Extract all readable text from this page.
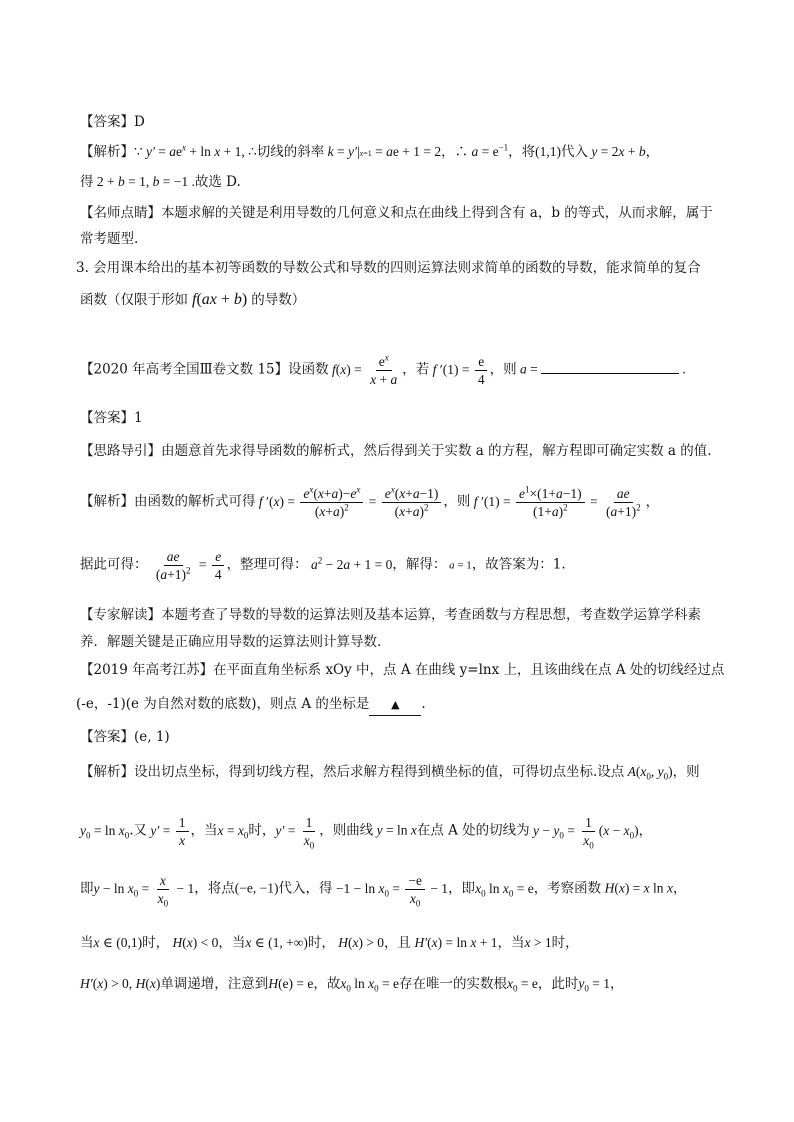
【答案】D
【解析】∵ $y' = ae^x + \ln x + 1$, ∴切线的斜率 k = y′|x=1 = ae + 1 = 2，∴ $a = e^{-1}$，将(1,1)代入 y = 2x + b，
得 2 + b = 1, b = −1 .故选 D.
【名师点睛】本题求解的关键是利用导数的几何意义和点在曲线上得到含有 a，b 的等式，从而求解，属于
常考题型.
3. 会用课本给出的基本初等函数的导数公式和导数的四则运算法则求简单的函数的导数，能求简单的复合
函数（仅限于形如 f(ax + b) 的导数）
【2020 年高考全国Ⅲ卷文数 15】设函数 $f(x) = \frac{e^x}{x + a}$ ，若 f $'(1) = \frac{e}{4}$ ，则 a =	.
【答案】1
【思路导引】由题意首先求得导函数的解析式，然后得到关于实数 a 的方程，解方程即可确定实数 a 的值.
【解析】由函数的解析式可得 f $'(x) = \frac{e^x(x+a)-e^x}{(x+a)^2} = \frac{e^x(x+a-1)}{(x+a)^2}$ ，则 f $'(1) = \frac{e^1\times(1+a-1)}{(1+a)^2} = \frac{ae}{(a+1)^2}$ ，
据此可得： $\frac{ae}{(a+1)^2} = \frac{e}{4}$ ，整理可得： $a^2 - 2a + 1 = 0$，解得： a = 1，故答案为：1.
【专家解读】本题考查了导数的导数的运算法则及基本运算，考查函数与方程思想，考查数学运算学科素
养．解题关键是正确应用导数的运算法则计算导数.
【2019 年高考江苏】在平面直角坐标系 xOy 中，点 A 在曲线 y=lnx 上，且该曲线在点 A 处的切线经过点
(-e，-1)(e 为自然对数的底数)，则点 A 的坐标是 ▲ .
【答案】(e, 1)
【解析】设出切点坐标，得到切线方程，然后求解方程得到横坐标的值，可得切点坐标.设点 $A(x_0$, $y_0$)，则
$y_0 = \ln x_0$.又 $y' = \frac{1}{x}$ ，当$x = x_0$时，$y' = \frac{1}{x_0}$ ，则曲线 y = ln x在点 A 处的切线为 $y - y_0 = \frac{1}{x_0} (x - x_0)$，
即$y - \ln x_0 = \frac{x}{x_0} - 1$，将点(−e, −1)代入，得 $-1 - \ln x_0 = \frac{-e}{x_0} - 1$，即$x_0$ $\ln x_0 = e$，考察函数 H(x) = x ln x，
当x ∈ (0,1)时， H(x) < 0，当x ∈ (1, +∞)时， H(x) > 0，且 H′(x) = ln x + 1，当x > 1时，
H′(x) > 0, H(x)单调递增，注意到H(e) = e，故$x_0$ $\ln x_0 = e$存在唯一的实数根$x_0 = e$，此时$y_0 = 1$，
